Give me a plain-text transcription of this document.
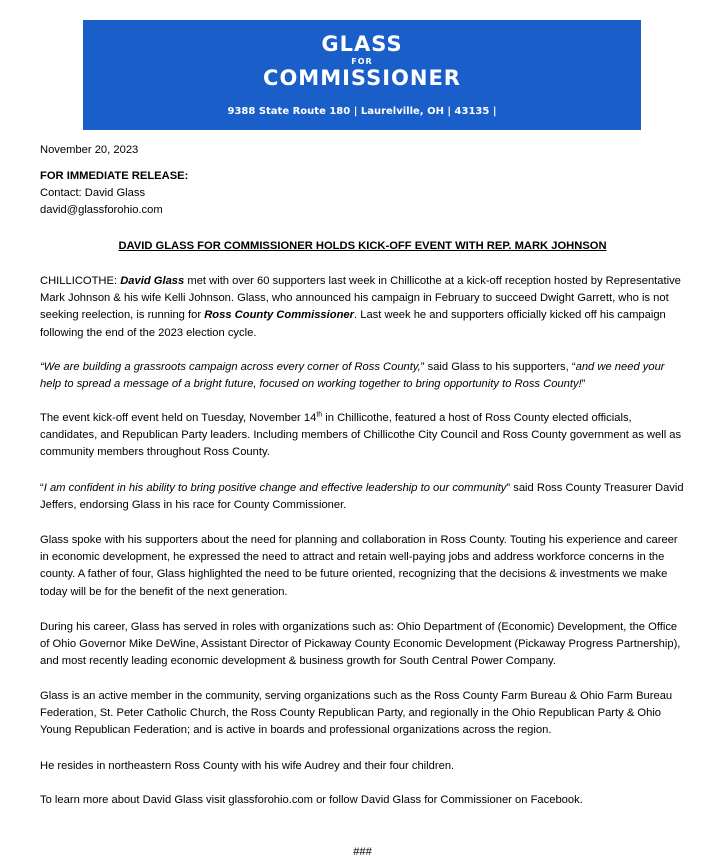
GLASS
FOR
COMMISSIONER
9388 State Route 180 | Laurelville, OH | 43135 |
November 20, 2023
FOR IMMEDIATE RELEASE:
Contact: David Glass
david@glassforohio.com
DAVID GLASS FOR COMMISSIONER HOLDS KICK-OFF EVENT WITH REP. MARK JOHNSON

CHILLICOTHE: David Glass met with over 60 supporters last week in Chillicothe at a kick-off reception hosted by Representative Mark Johnson & his wife Kelli Johnson. Glass, who announced his campaign in February to succeed Dwight Garrett, who is not seeking reelection, is running for Ross County Commissioner. Last week he and supporters officially kicked off his campaign following the end of the 2023 election cycle.

“We are building a grassroots campaign across every corner of Ross County,” said Glass to his supporters, “and we need your help to spread a message of a bright future, focused on working together to bring opportunity to Ross County!”

The event kick-off event held on Tuesday, November 14th in Chillicothe, featured a host of Ross County elected officials, candidates, and Republican Party leaders. Including members of Chillicothe City Council and Ross County government as well as community members throughout Ross County.

“I am confident in his ability to bring positive change and effective leadership to our community” said Ross County Treasurer David Jeffers, endorsing Glass in his race for County Commissioner.

Glass spoke with his supporters about the need for planning and collaboration in Ross County. Touting his experience and career in economic development, he expressed the need to attract and retain well-paying jobs and address workforce concerns in the county. A father of four, Glass highlighted the need to be future oriented, recognizing that the decisions & investments we make today will be for the benefit of the next generation.

During his career, Glass has served in roles with organizations such as: Ohio Department of (Economic) Development, the Office of Ohio Governor Mike DeWine, Assistant Director of Pickaway County Economic Development (Pickaway Progress Partnership), and most recently leading economic development & business growth for South Central Power Company.

Glass is an active member in the community, serving organizations such as the Ross County Farm Bureau & Ohio Farm Bureau Federation, St. Peter Catholic Church, the Ross County Republican Party, and regionally in the Ohio Republican Party & Ohio Young Republican Federation; and is active in boards and professional organizations across the region.

He resides in northeastern Ross County with his wife Audrey and their four children.

To learn more about David Glass visit glassforohio.com or follow David Glass for Commissioner on Facebook.

###
